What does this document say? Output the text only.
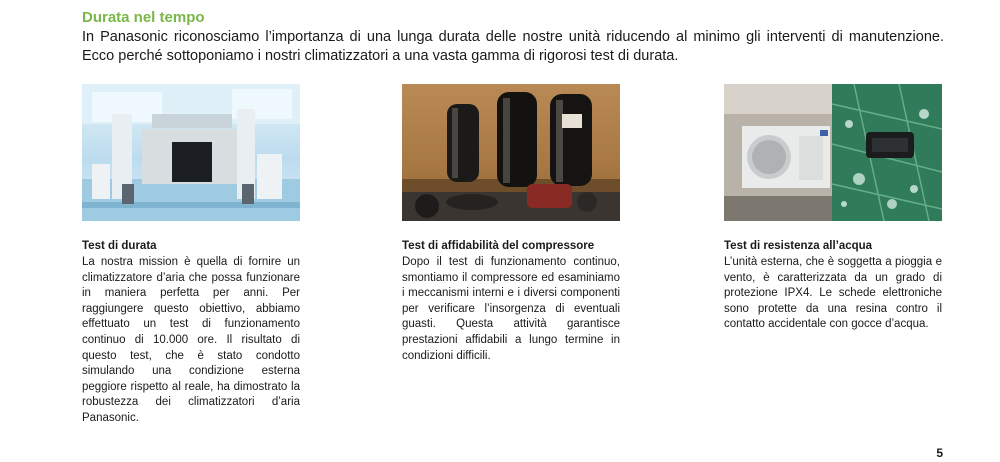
Durata nel tempo
In Panasonic riconosciamo l’importanza di una lunga durata delle nostre unità riducendo al minimo gli interventi di manutenzione. Ecco perché sottoponiamo i nostri climatizzatori a una vasta gamma di rigorosi test di durata.
Test di durata
La nostra mission è quella di fornire un climatizzatore d’aria che possa funzionare in maniera perfetta per anni. Per raggiungere questo obiettivo, abbiamo effettuato un test di funzionamento continuo di 10.000 ore. Il risultato di questo test, che è stato condotto simulando una condizione esterna peggiore rispetto al reale, ha dimostrato la robustezza dei climatizzatori d’aria Panasonic.
Test di affidabilità del compressore
Dopo il test di funzionamento continuo, smontiamo il compressore ed esaminiamo i meccanismi interni e i diversi componenti per verificare l’insorgenza di eventuali guasti. Questa attività garantisce prestazioni affidabili a lungo termine in condizioni difficili.
Test di resistenza all’acqua
L’unità esterna, che è soggetta a pioggia e vento, è caratterizzata da un grado di protezione IPX4. Le schede elettroniche sono protette da una resina contro il contatto accidentale con gocce d’acqua.
5
